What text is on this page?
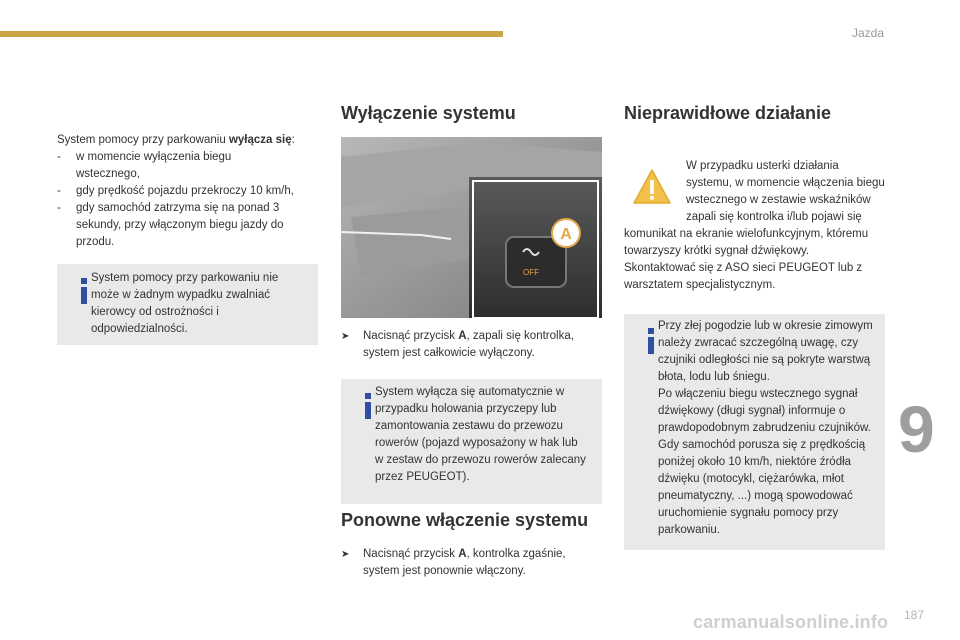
Jazda
System pomocy przy parkowaniu wyłącza się:
- w momencie wyłączenia biegu wstecznego,
- gdy prędkość pojazdu przekroczy 10 km/h,
- gdy samochód zatrzyma się na ponad 3 sekundy, przy włączonym biegu jazdy do przodu.
System pomocy przy parkowaniu nie może w żadnym wypadku zwalniać kierowcy od ostrożności i odpowiedzialności.
Wyłączenie systemu
OFF
A
➤ Nacisnąć przycisk A, zapali się kontrolka, system jest całkowicie wyłączony.
System wyłącza się automatycznie w przypadku holowania przyczepy lub zamontowania zestawu do przewozu rowerów (pojazd wyposażony w hak lub w zestaw do przewozu rowerów zalecany przez PEUGEOT).
Ponowne włączenie systemu
➤ Nacisnąć przycisk A, kontrolka zgaśnie, system jest ponownie włączony.
Nieprawidłowe działanie
W przypadku usterki działania systemu, w momencie włączenia biegu wstecznego w zestawie wskaźników zapali się kontrolka i/lub pojawi się komunikat na ekranie wielofunkcyjnym, któremu towarzyszy krótki sygnał dźwiękowy.
Skontaktować się z ASO sieci PEUGEOT lub z warsztatem specjalistycznym.
Przy złej pogodzie lub w okresie zimowym należy zwracać szczególną uwagę, czy czujniki odległości nie są pokryte warstwą błota, lodu lub śniegu.
Po włączeniu biegu wstecznego sygnał dźwiękowy (długi sygnał) informuje o prawdopodobnym zabrudzeniu czujników.
Gdy samochód porusza się z prędkością poniżej około 10 km/h, niektóre źródła dźwięku (motocykl, ciężarówka, młot pneumatyczny, ...) mogą spowodować uruchomienie sygnału pomocy przy parkowaniu.
9
carmanualsonline.info 187
